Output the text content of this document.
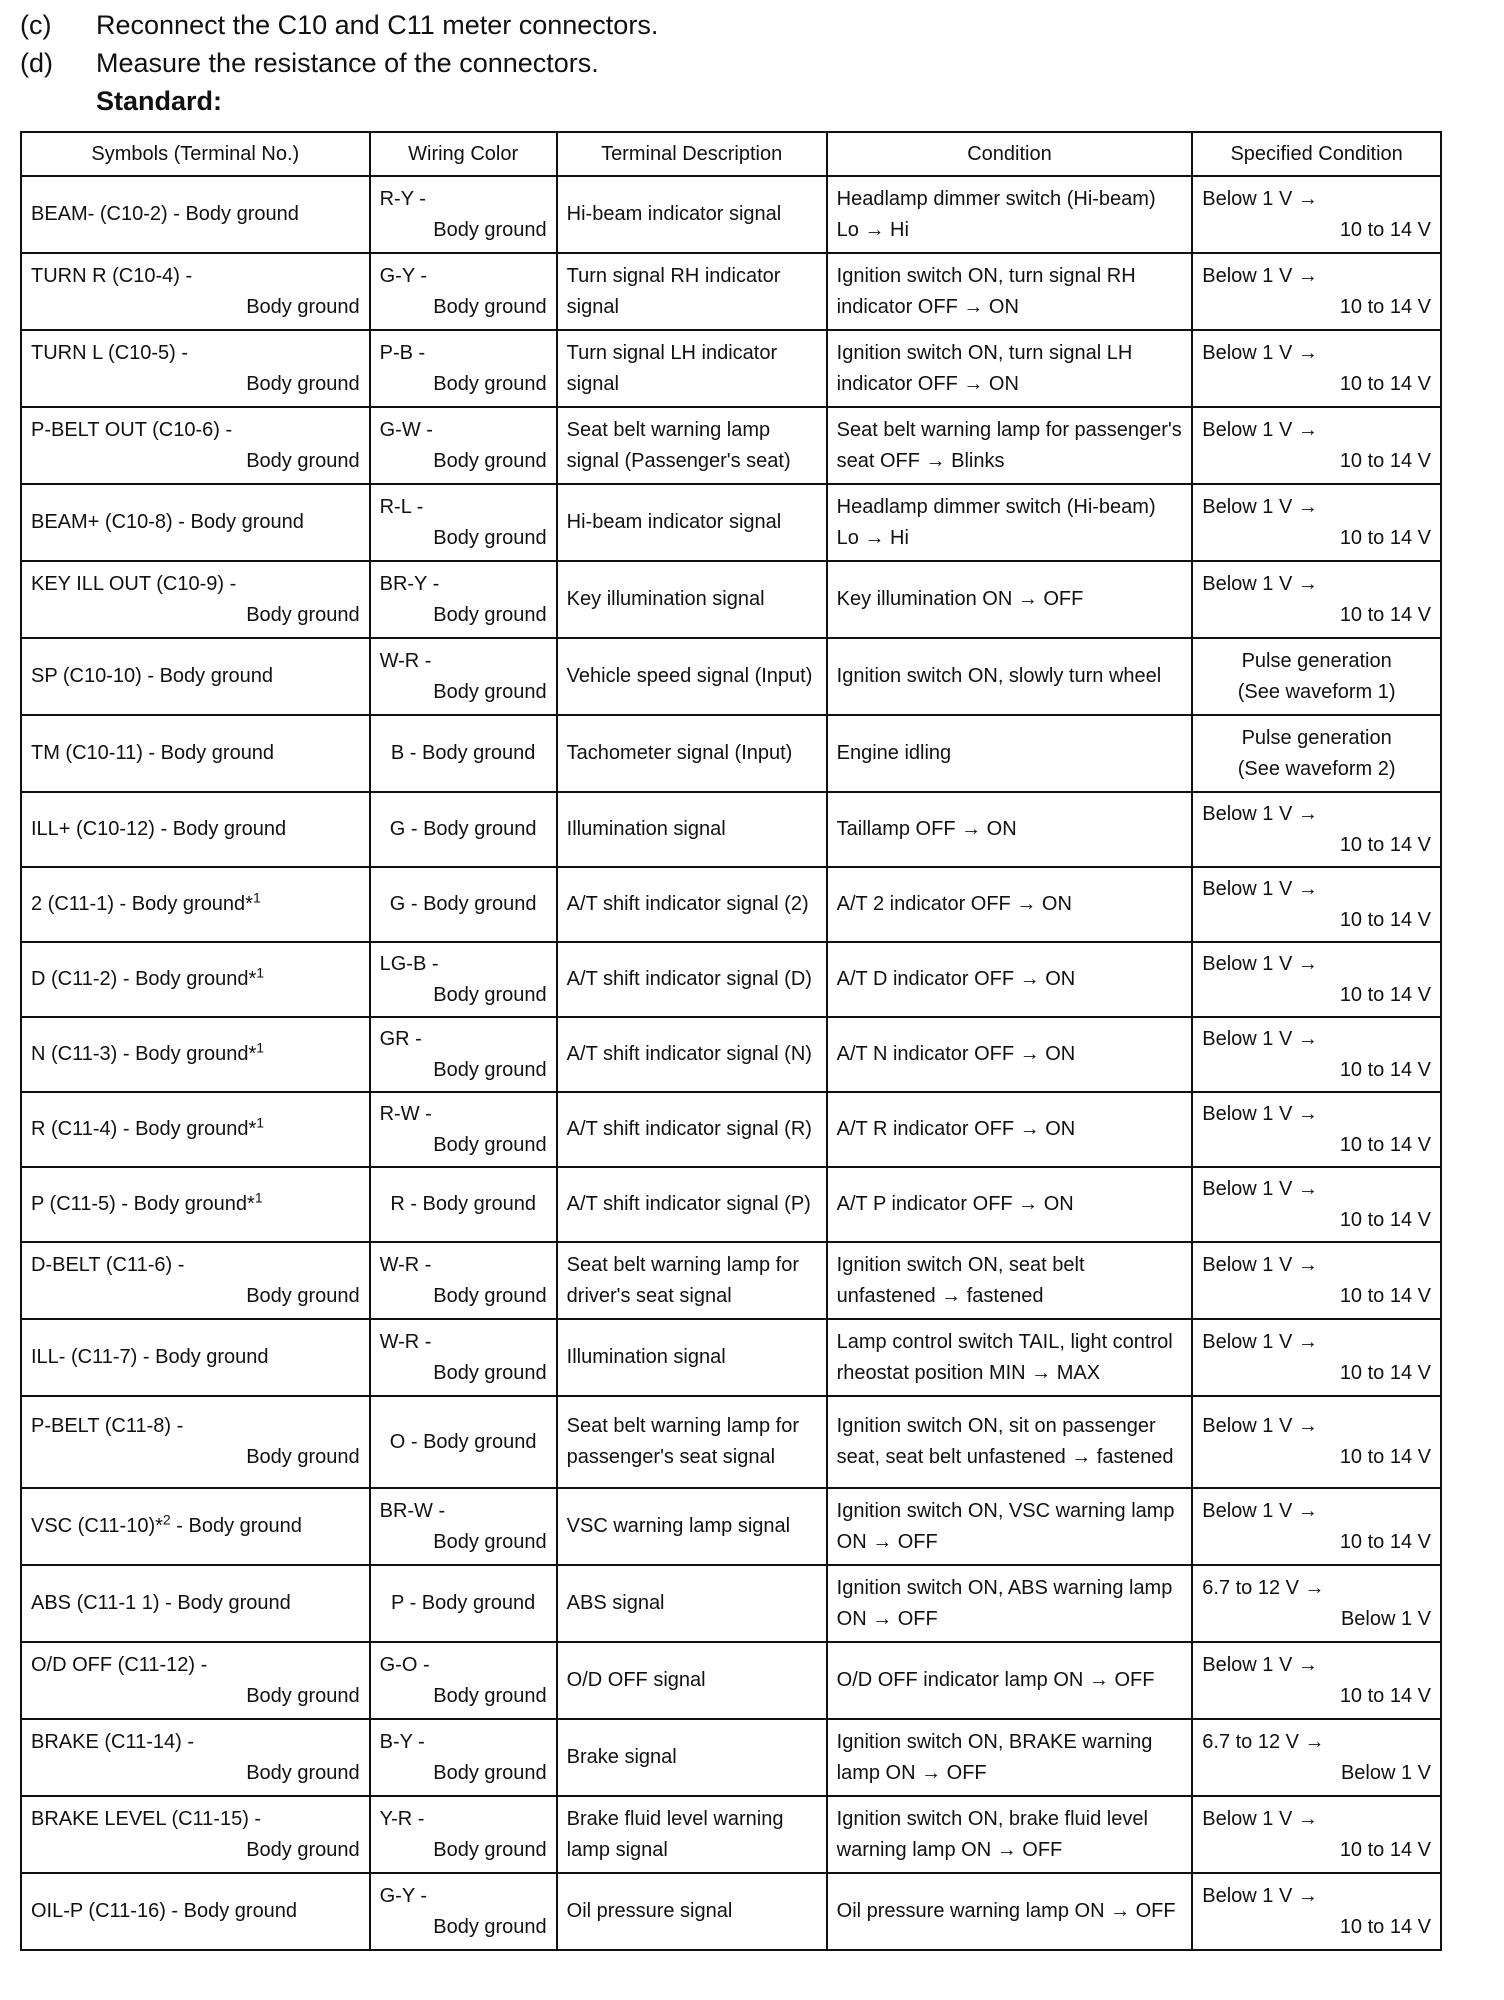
(c)	Reconnect the C10 and C11 meter connectors.
(d)	Measure the resistance of the connectors.
Standard:
Symbols (Terminal No.)	Wiring Color	Terminal Description	Condition	Specified Condition

BEAM- (C10-2) - Body ground	R-Y -
Body ground	Hi-beam indicator signal	Headlamp dimmer switch (Hi-beam) Lo → Hi	Below 1 V →
10 to 14 V

TURN R (C10-4) -
Body ground	G-Y -
Body ground	Turn signal RH indicator signal	Ignition switch ON, turn signal RH indicator OFF → ON	Below 1 V →
10 to 14 V

TURN L (C10-5) -
Body ground	P-B -
Body ground	Turn signal LH indicator signal	Ignition switch ON, turn signal LH indicator OFF → ON	Below 1 V →
10 to 14 V

P-BELT OUT (C10-6) -
Body ground	G-W -
Body ground	Seat belt warning lamp signal (Passenger's seat)	Seat belt warning lamp for passenger's seat OFF → Blinks	Below 1 V →
10 to 14 V

BEAM+ (C10-8) - Body ground	R-L -
Body ground	Hi-beam indicator signal	Headlamp dimmer switch (Hi-beam) Lo → Hi	Below 1 V →
10 to 14 V

KEY ILL OUT (C10-9) -
Body ground	BR-Y -
Body ground	Key illumination signal	Key illumination ON → OFF	Below 1 V →
10 to 14 V

SP (C10-10) - Body ground	W-R -
Body ground	Vehicle speed signal (Input)	Ignition switch ON, slowly turn wheel	Pulse generation
(See waveform 1)

TM (C10-11) - Body ground	B - Body ground	Tachometer signal (Input)	Engine idling	Pulse generation
(See waveform 2)

ILL+ (C10-12) - Body ground	G - Body ground	Illumination signal	Taillamp OFF → ON	Below 1 V →
10 to 14 V

2 (C11-1) - Body ground*$^1$	G - Body ground	A/T shift indicator signal (2)	A/T 2 indicator OFF → ON	Below 1 V →
10 to 14 V

D (C11-2) - Body ground*$^1$	LG-B -
Body ground	A/T shift indicator signal (D)	A/T D indicator OFF → ON	Below 1 V →
10 to 14 V

N (C11-3) - Body ground*$^1$	GR -
Body ground	A/T shift indicator signal (N)	A/T N indicator OFF → ON	Below 1 V →
10 to 14 V

R (C11-4) - Body ground*$^1$	R-W -
Body ground	A/T shift indicator signal (R)	A/T R indicator OFF → ON	Below 1 V →
10 to 14 V

P (C11-5) - Body ground*$^1$	R - Body ground	A/T shift indicator signal (P)	A/T P indicator OFF → ON	Below 1 V →
10 to 14 V

D-BELT (C11-6) -
Body ground	W-R -
Body ground	Seat belt warning lamp for driver's seat signal	Ignition switch ON, seat belt unfastened → fastened	Below 1 V →
10 to 14 V

ILL- (C11-7) - Body ground	W-R -
Body ground	Illumination signal	Lamp control switch TAIL, light control rheostat position MIN → MAX	Below 1 V →
10 to 14 V

P-BELT (C11-8) -
Body ground	O - Body ground	Seat belt warning lamp for passenger's seat signal	Ignition switch ON, sit on passenger seat, seat belt unfastened → fastened	Below 1 V →
10 to 14 V

VSC (C11-10)*$^2$ - Body ground	BR-W -
Body ground	VSC warning lamp signal	Ignition switch ON, VSC warning lamp ON → OFF	Below 1 V →
10 to 14 V

ABS (C11-1 1) - Body ground	P - Body ground	ABS signal	Ignition switch ON, ABS warning lamp ON → OFF	6.7 to 12 V →
Below 1 V

O/D OFF (C11-12) -
Body ground	G-O -
Body ground	O/D OFF signal	O/D OFF indicator lamp ON → OFF	Below 1 V →
10 to 14 V

BRAKE (C11-14) -
Body ground	B-Y -
Body ground	Brake signal	Ignition switch ON, BRAKE warning lamp ON → OFF	6.7 to 12 V →
Below 1 V

BRAKE LEVEL (C11-15) -
Body ground	Y-R -
Body ground	Brake fluid level warning lamp signal	Ignition switch ON, brake fluid level warning lamp ON → OFF	Below 1 V →
10 to 14 V

OIL-P (C11-16) - Body ground	G-Y -
Body ground	Oil pressure signal	Oil pressure warning lamp ON → OFF	Below 1 V →
10 to 14 V
